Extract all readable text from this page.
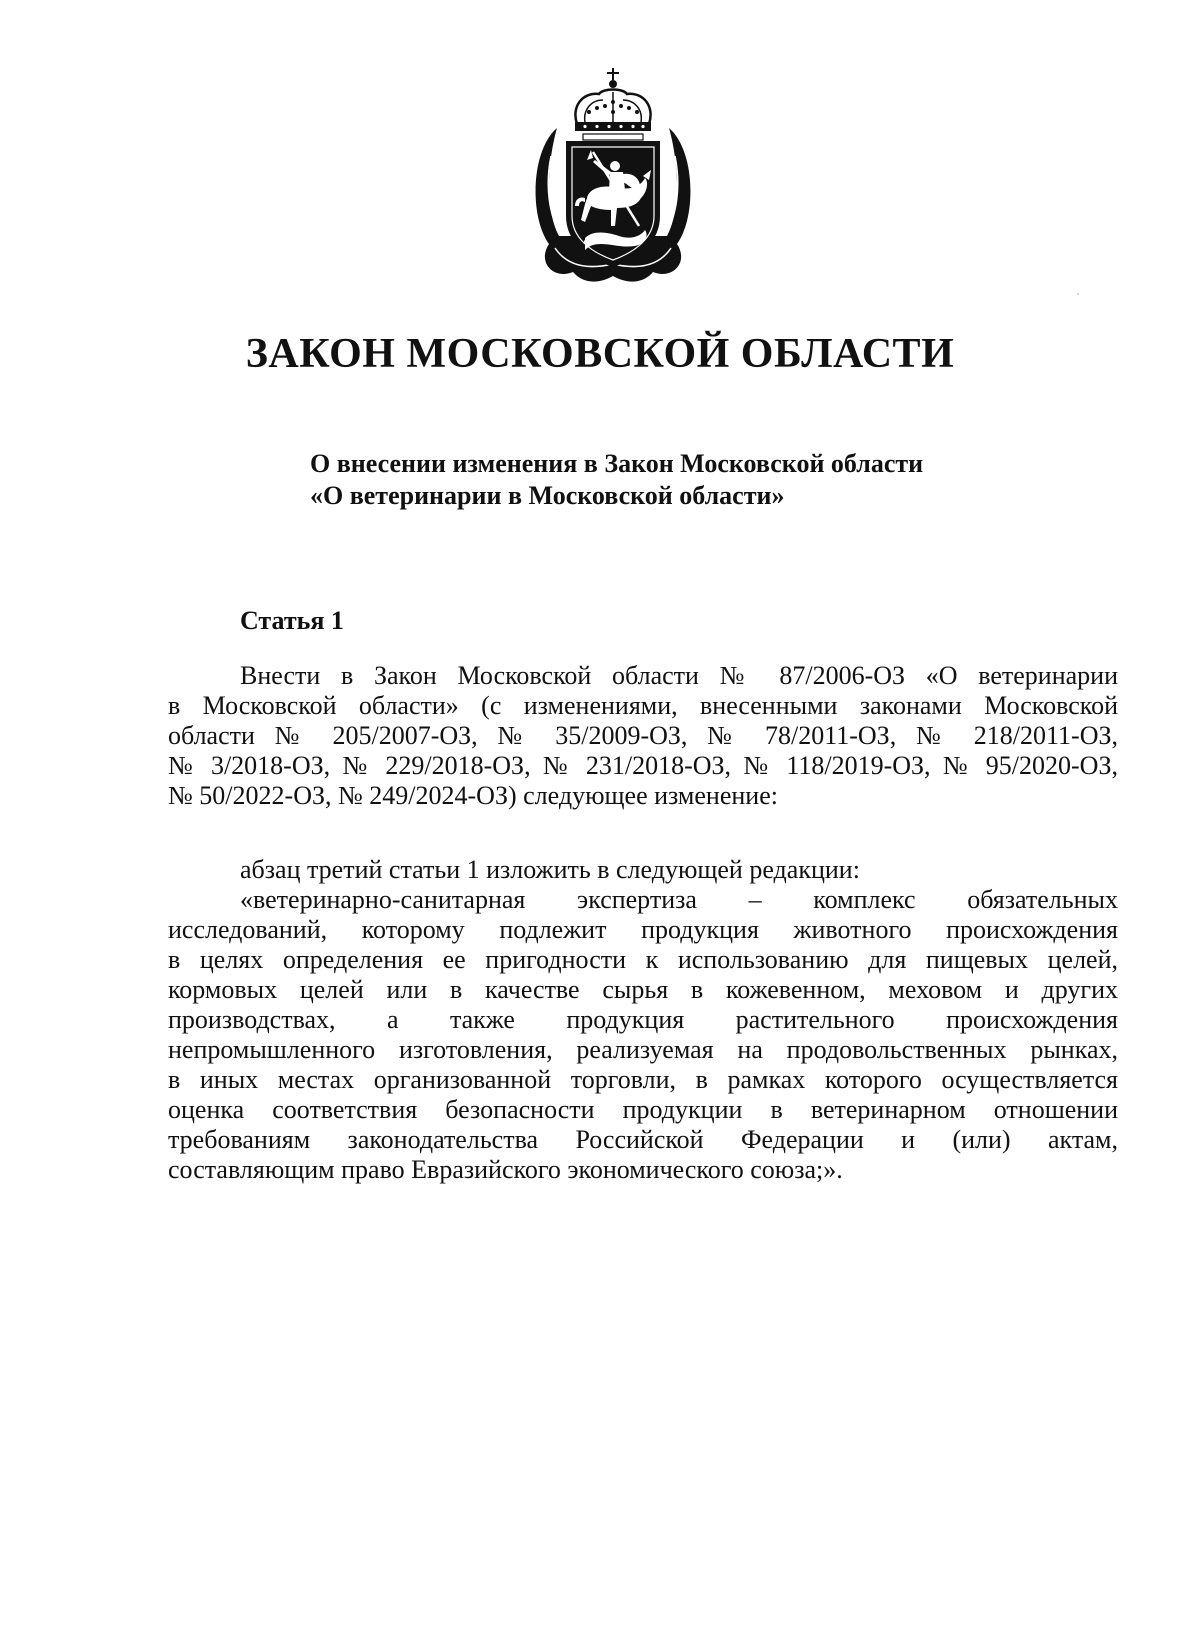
ЗАКОН МОСКОВСКОЙ ОБЛАСТИ
О внесении изменения в Закон Московской области
«О ветеринарии в Московской области»
Статья 1
Внести в Закон Московской области № 87/2006-ОЗ «О ветеринарии
в Московской области» (с изменениями, внесенными законами Московской
области № 205/2007-ОЗ, № 35/2009-ОЗ, № 78/2011-ОЗ, № 218/2011-ОЗ,
№ 3/2018-ОЗ, № 229/2018-ОЗ, № 231/2018-ОЗ, № 118/2019-ОЗ, № 95/2020-ОЗ,
№ 50/2022-ОЗ, № 249/2024-ОЗ) следующее изменение:
абзац третий статьи 1 изложить в следующей редакции:
«ветеринарно-санитарная экспертиза – комплекс обязательных
исследований, которому подлежит продукция животного происхождения
в целях определения ее пригодности к использованию для пищевых целей,
кормовых целей или в качестве сырья в кожевенном, меховом и других
производствах, а также продукция растительного происхождения
непромышленного изготовления, реализуемая на продовольственных рынках,
в иных местах организованной торговли, в рамках которого осуществляется
оценка соответствия безопасности продукции в ветеринарном отношении
требованиям законодательства Российской Федерации и (или) актам,
составляющим право Евразийского экономического союза;».
